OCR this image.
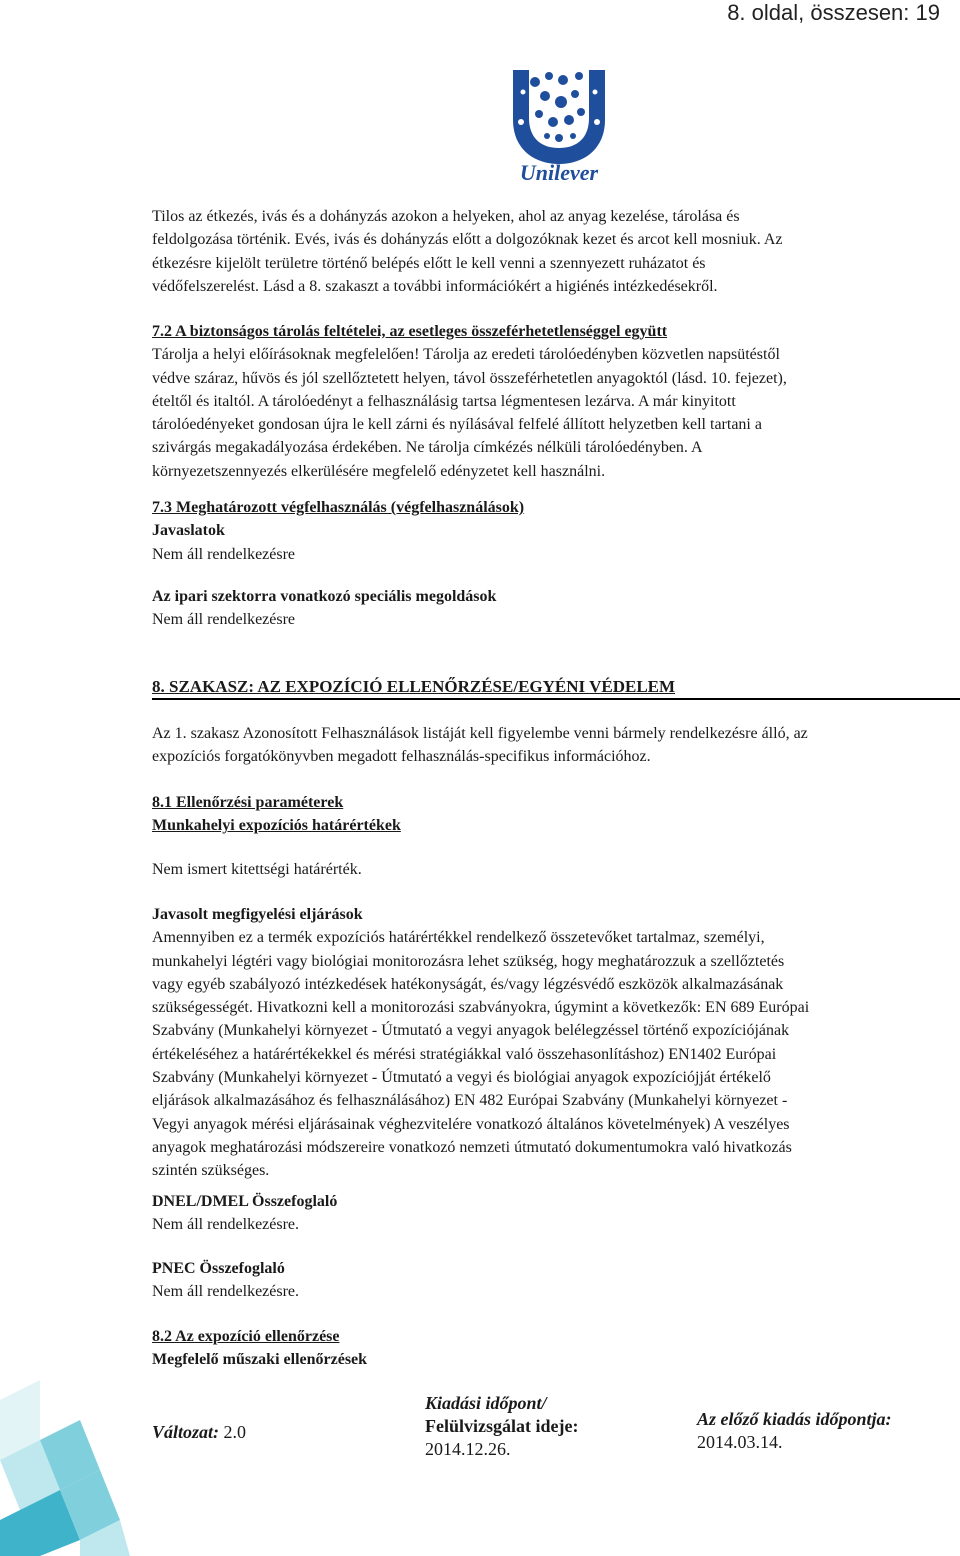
8. oldal, összesen: 19
Unilever

Tilos az étkezés, ivás és a dohányzás azokon a helyeken, ahol az anyag kezelése, tárolása és

feldolgozása történik. Evés, ivás és dohányzás előtt a dolgozóknak kezet és arcot kell mosniuk. Az

étkezésre kijelölt területre történő belépés előtt le kell venni a szennyezett ruházatot és

védőfelszerelést. Lásd a 8. szakaszt a további információkért a higiénés intézkedésekről.

7.2 A biztonságos tárolás feltételei, az esetleges összeférhetetlenséggel együtt

Tárolja a helyi előírásoknak megfelelően! Tárolja az eredeti tárolóedényben közvetlen napsütéstől

védve száraz, hűvös és jól szellőztetett helyen, távol összeférhetetlen anyagoktól (lásd. 10. fejezet),

ételtől és italtól. A tárolóedényt a felhasználásig tartsa légmentesen lezárva. A már kinyitott

tárolóedényeket gondosan újra le kell zárni és nyílásával felfelé állított helyzetben kell tartani a

szivárgás megakadályozása érdekében. Ne tárolja címkézés nélküli tárolóedényben. A

környezetszennyezés elkerülésére megfelelő edényzetet kell használni.

7.3 Meghatározott végfelhasználás (végfelhasználások)

Javaslatok

Nem áll rendelkezésre

Az ipari szektorra vonatkozó speciális megoldások

Nem áll rendelkezésre

8. SZAKASZ: AZ EXPOZÍCIÓ ELLENŐRZÉSE/EGYÉNI VÉDELEM

Az 1. szakasz Azonosított Felhasználások listáját kell figyelembe venni bármely rendelkezésre álló, az

expozíciós forgatókönyvben megadott felhasználás-specifikus információhoz.

8.1 Ellenőrzési paraméterek

Munkahelyi expozíciós határértékek

Nem ismert kitettségi határérték.

Javasolt megfigyelési eljárások

Amennyiben ez a termék expozíciós határértékkel rendelkező összetevőket tartalmaz, személyi,

munkahelyi légtéri vagy biológiai monitorozásra lehet szükség, hogy meghatározzuk a szellőztetés

vagy egyéb szabályozó intézkedések hatékonyságát, és/vagy légzésvédő eszközök alkalmazásának

szükségességét. Hivatkozni kell a monitorozási szabványokra, úgymint a következők: EN 689 Európai

Szabvány (Munkahelyi környezet - Útmutató a vegyi anyagok belélegzéssel történő expozíciójának

értékeléséhez a határértékekkel és mérési stratégiákkal való összehasonlításhoz) EN1402 Európai

Szabvány (Munkahelyi környezet - Útmutató a vegyi és biológiai anyagok expozíciójját értékelő

eljárások alkalmazásához és felhasználásához) EN 482 Európai Szabvány (Munkahelyi környezet -

Vegyi anyagok mérési eljárásainak véghezvitelére vonatkozó általános követelmények) A veszélyes

anyagok meghatározási módszereire vonatkozó nemzeti útmutató dokumentumokra való hivatkozás

szintén szükséges.

DNEL/DMEL Összefoglaló

Nem áll rendelkezésre.

PNEC Összefoglaló

Nem áll rendelkezésre.

8.2 Az expozíció ellenőrzése

Megfelelő műszaki ellenőrzések

Változat: 2.0
Kiadási időpont/
Felülvizsgálat ideje:
2014.12.26.
Az előző kiadás időpontja:
2014.03.14.
